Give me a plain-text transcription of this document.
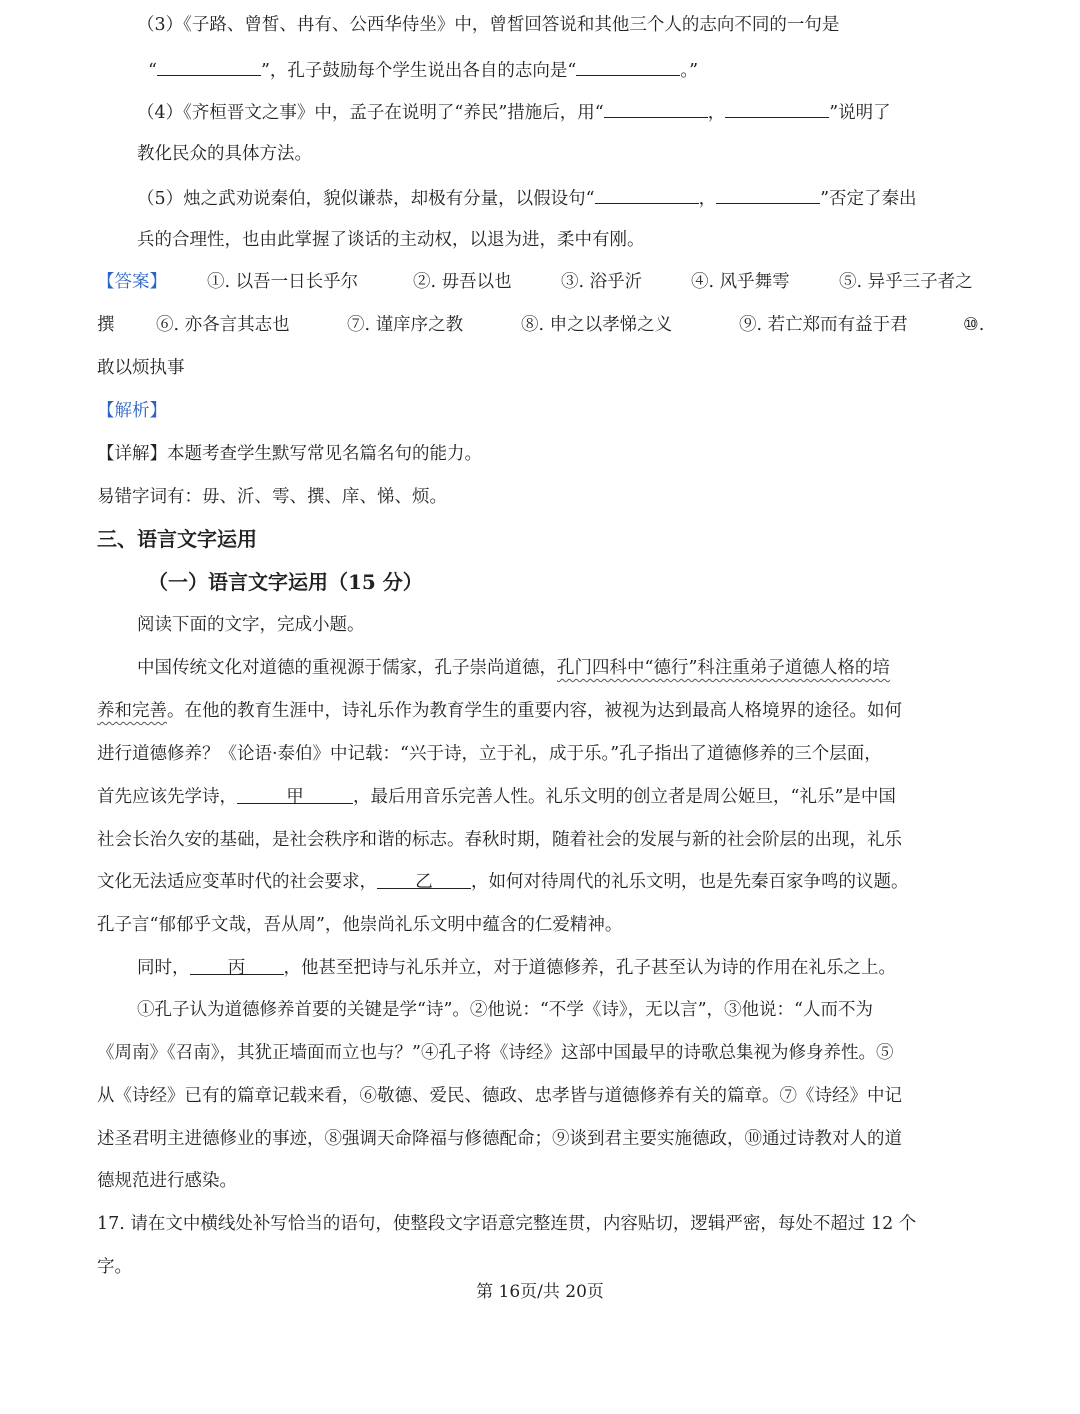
（3）《子路、曾皙、冉有、公西华侍坐》中，曾皙回答说和其他三个人的志向不同的一句是
“	”，孔子鼓励每个学生说出各自的志向是“	。”
（4）《齐桓晋文之事》中，孟子在说明了“养民”措施后，用“	，	”说明了
教化民众的具体方法。
（5）烛之武劝说秦伯，貌似谦恭，却极有分量，以假设句“	，	”否定了秦出
兵的合理性，也由此掌握了谈话的主动权，以退为进，柔中有刚。
【答案】 ①. 以吾一日长乎尔	②. 毋吾以也	③. 浴乎沂	④. 风乎舞雩	⑤. 异乎三子者之
撰 ⑥. 亦各言其志也	⑦. 谨庠序之教	⑧. 申之以孝悌之义	⑨. 若亡郑而有益于君	⑩.
敢以烦执事
【解析】
【详解】本题考查学生默写常见名篇名句的能力。
易错字词有：毋、沂、雩、撰、庠、悌、烦。
三、语言文字运用
（一）语言文字运用（15 分）
阅读下面的文字，完成小题。
中国传统文化对道德的重视源于儒家，孔子崇尚道德，孔门四科中“德行”科注重弟子道德人格的培
养和完善。在他的教育生涯中，诗礼乐作为教育学生的重要内容，被视为达到最高人格境界的途径。如何
进行道德修养？《论语·泰伯》中记载：“兴于诗，立于礼，成于乐。”孔子指出了道德修养的三个层面，
首先应该先学诗，	甲	，最后用音乐完善人性。礼乐文明的创立者是周公姬旦，“礼乐”是中国
社会长治久安的基础，是社会秩序和谐的标志。春秋时期，随着社会的发展与新的社会阶层的出现，礼乐
文化无法适应变革时代的社会要求， 乙 ，如何对待周代的礼乐文明，也是先秦百家争鸣的议题。
孔子言“郁郁乎文哉，吾从周”，他崇尚礼乐文明中蕴含的仁爱精神。
同时， 丙 ，他甚至把诗与礼乐并立，对于道德修养，孔子甚至认为诗的作用在礼乐之上。
①孔子认为道德修养首要的关键是学“诗”。②他说：“不学《诗》，无以言”，③他说：“人而不为
《周南》《召南》，其犹正墙面而立也与？”④孔子将《诗经》这部中国最早的诗歌总集视为修身养性。⑤
从《诗经》已有的篇章记载来看，⑥敬德、爱民、德政、忠孝皆与道德修养有关的篇章。⑦《诗经》中记
述圣君明主进德修业的事迹，⑧强调天命降福与修德配命；⑨谈到君主要实施德政，⑩通过诗教对人的道
德规范进行感染。
17. 请在文中横线处补写恰当的语句，使整段文字语意完整连贯，内容贴切，逻辑严密，每处不超过 12 个
字。
第 16页/共 20页
